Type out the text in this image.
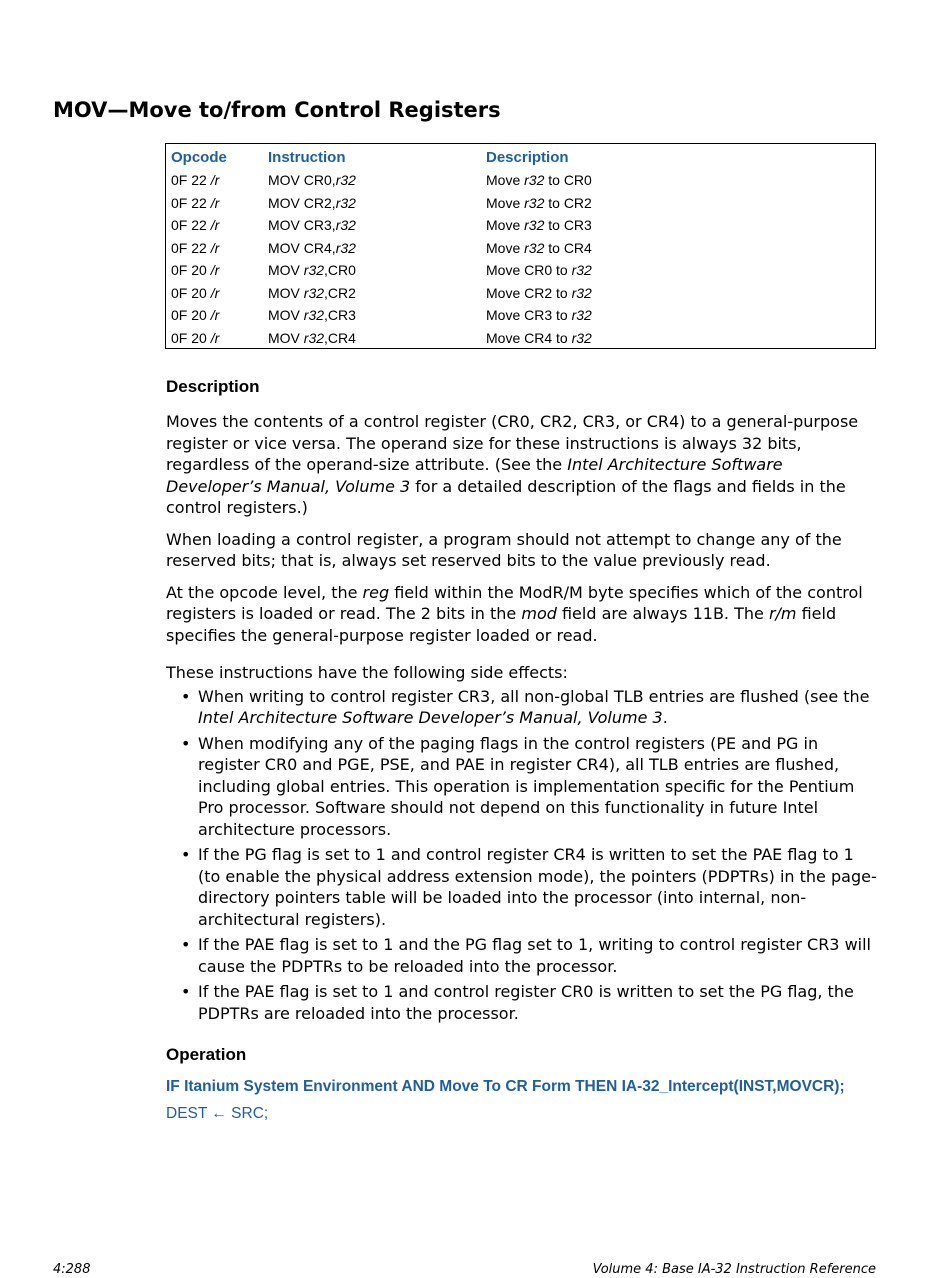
MOV—Move to/from Control Registers
Opcode	Instruction	Description
0F 22 /r	MOV CR0,r32	Move r32 to CR0
0F 22 /r	MOV CR2,r32	Move r32 to CR2
0F 22 /r	MOV CR3,r32	Move r32 to CR3
0F 22 /r	MOV CR4,r32	Move r32 to CR4
0F 20 /r	MOV r32,CR0	Move CR0 to r32
0F 20 /r	MOV r32,CR2	Move CR2 to r32
0F 20 /r	MOV r32,CR3	Move CR3 to r32
0F 20 /r	MOV r32,CR4	Move CR4 to r32
Description

Moves the contents of a control register (CR0, CR2, CR3, or CR4) to a general-purpose register or vice versa. The operand size for these instructions is always 32 bits, regardless of the operand-size attribute. (See the Intel Architecture Software Developer’s Manual, Volume 3 for a detailed description of the flags and fields in the control registers.)

When loading a control register, a program should not attempt to change any of the reserved bits; that is, always set reserved bits to the value previously read.

At the opcode level, the reg field within the ModR/M byte specifies which of the control registers is loaded or read. The 2 bits in the mod field are always 11B. The r/m field specifies the general-purpose register loaded or read.

These instructions have the following side effects:

• When writing to control register CR3, all non-global TLB entries are flushed (see the Intel Architecture Software Developer’s Manual, Volume 3.
• When modifying any of the paging flags in the control registers (PE and PG in register CR0 and PGE, PSE, and PAE in register CR4), all TLB entries are flushed, including global entries. This operation is implementation specific for the Pentium Pro processor. Software should not depend on this functionality in future Intel architecture processors.
• If the PG flag is set to 1 and control register CR4 is written to set the PAE flag to 1 (to enable the physical address extension mode), the pointers (PDPTRs) in the page-directory pointers table will be loaded into the processor (into internal, non-architectural registers).
• If the PAE flag is set to 1 and the PG flag set to 1, writing to control register CR3 will cause the PDPTRs to be reloaded into the processor.
• If the PAE flag is set to 1 and control register CR0 is written to set the PG flag, the PDPTRs are reloaded into the processor.
Operation
IF Itanium System Environment AND Move To CR Form THEN IA-32_Intercept(INST,MOVCR);
DEST ← SRC;
4:288	Volume 4: Base IA-32 Instruction Reference
